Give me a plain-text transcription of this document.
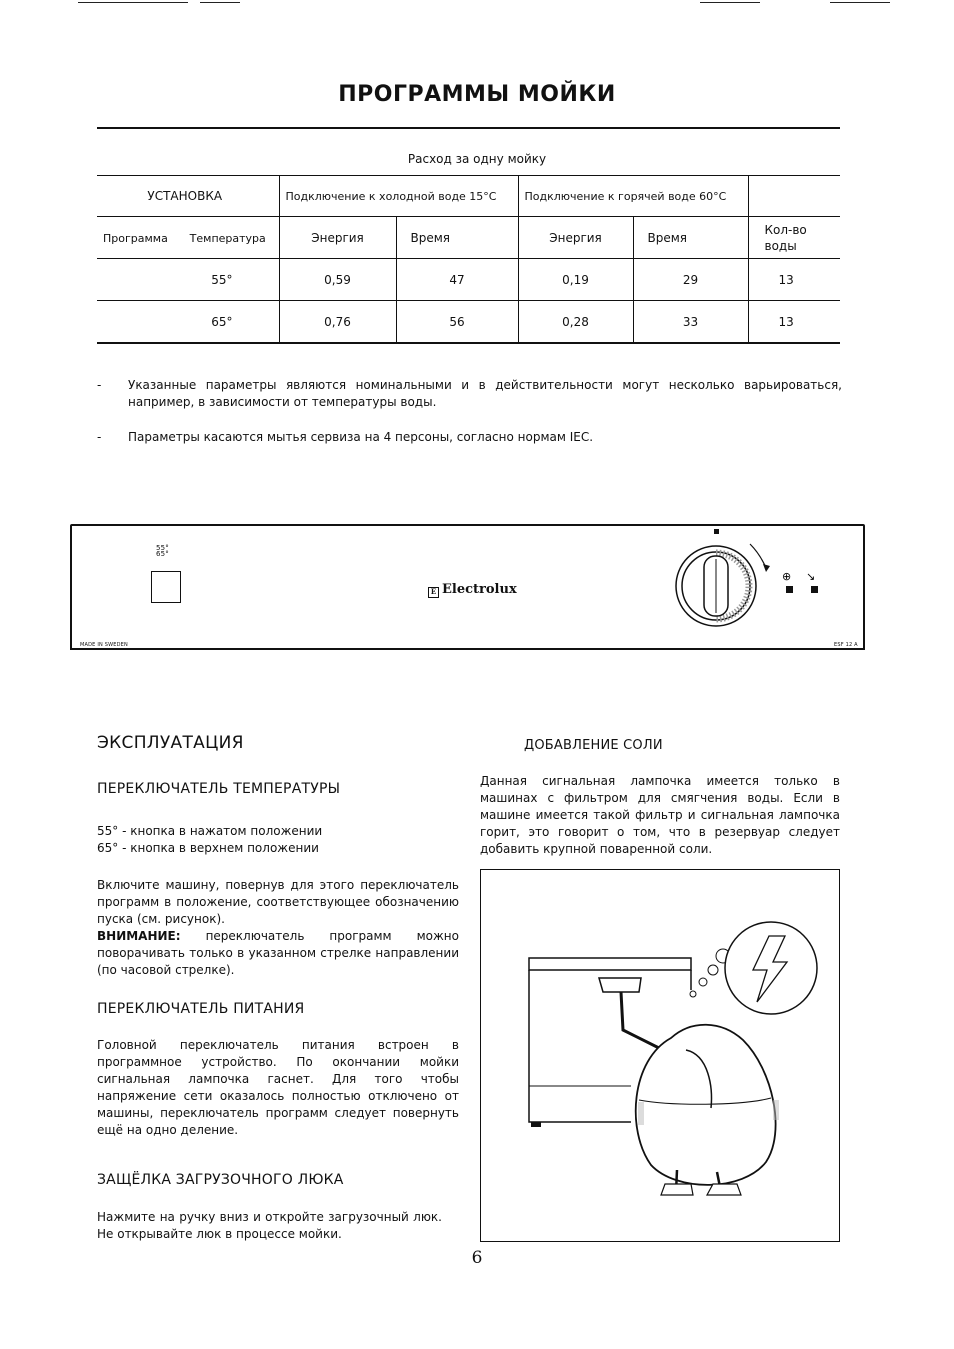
ПРОГРАММЫ МОЙКИ
Расход за одну мойку
УСТАНОВКА	Подключение к холодной воде 15°С		Подключение к горячей воде 60°С		
Программа Температура	Энергия	Время	Энергия	Время	Кол-во воды
55°	0,59	47	0,19	29	13
65°	0,76	56	0,28	33	13
- Указанные параметры являются номинальными и в действительности могут несколько варьироваться, например, в зависимости от температуры воды.
- Параметры касаются мытья сервиза на 4 персоны, согласно нормам IEC.
55°
65°
E Electrolux
MADE IN SWEDEN	ESF 12 A
⊕ ↘
ЭКСПЛУАТАЦИЯ
ПЕРЕКЛЮЧАТЕЛЬ ТЕМПЕРАТУРЫ
55° - кнопка в нажатом положении
65° - кнопка в верхнем положении
Включите машину, повернув для этого переключатель программ в положение, соответствующее обозначению пуска (см. рисунок).
ВНИМАНИЕ: переключатель программ можно поворачивать только в указанном стрелке направлении (по часовой стрелке).
ПЕРЕКЛЮЧАТЕЛЬ ПИТАНИЯ
Головной переключатель питания встроен в программное устройство. По окончании мойки сигнальная лампочка гаснет. Для того чтобы напряжение сети оказалось полностью отключено от машины, переключатель программ следует повернуть ещё на одно деление.
ЗАЩЁЛКА ЗАГРУЗОЧНОГО ЛЮКА
Нажмите на ручку вниз и откройте загрузочный люк. Не открывайте люк в процессе мойки.
ДОБАВЛЕНИЕ СОЛИ
Данная сигнальная лампочка имеется только в машинах с фильтром для смягчения воды. Если в машине имеется такой фильтр и сигнальная лампочка горит, это говорит о том, что в резервуар следует добавить крупной поваренной соли.
6
